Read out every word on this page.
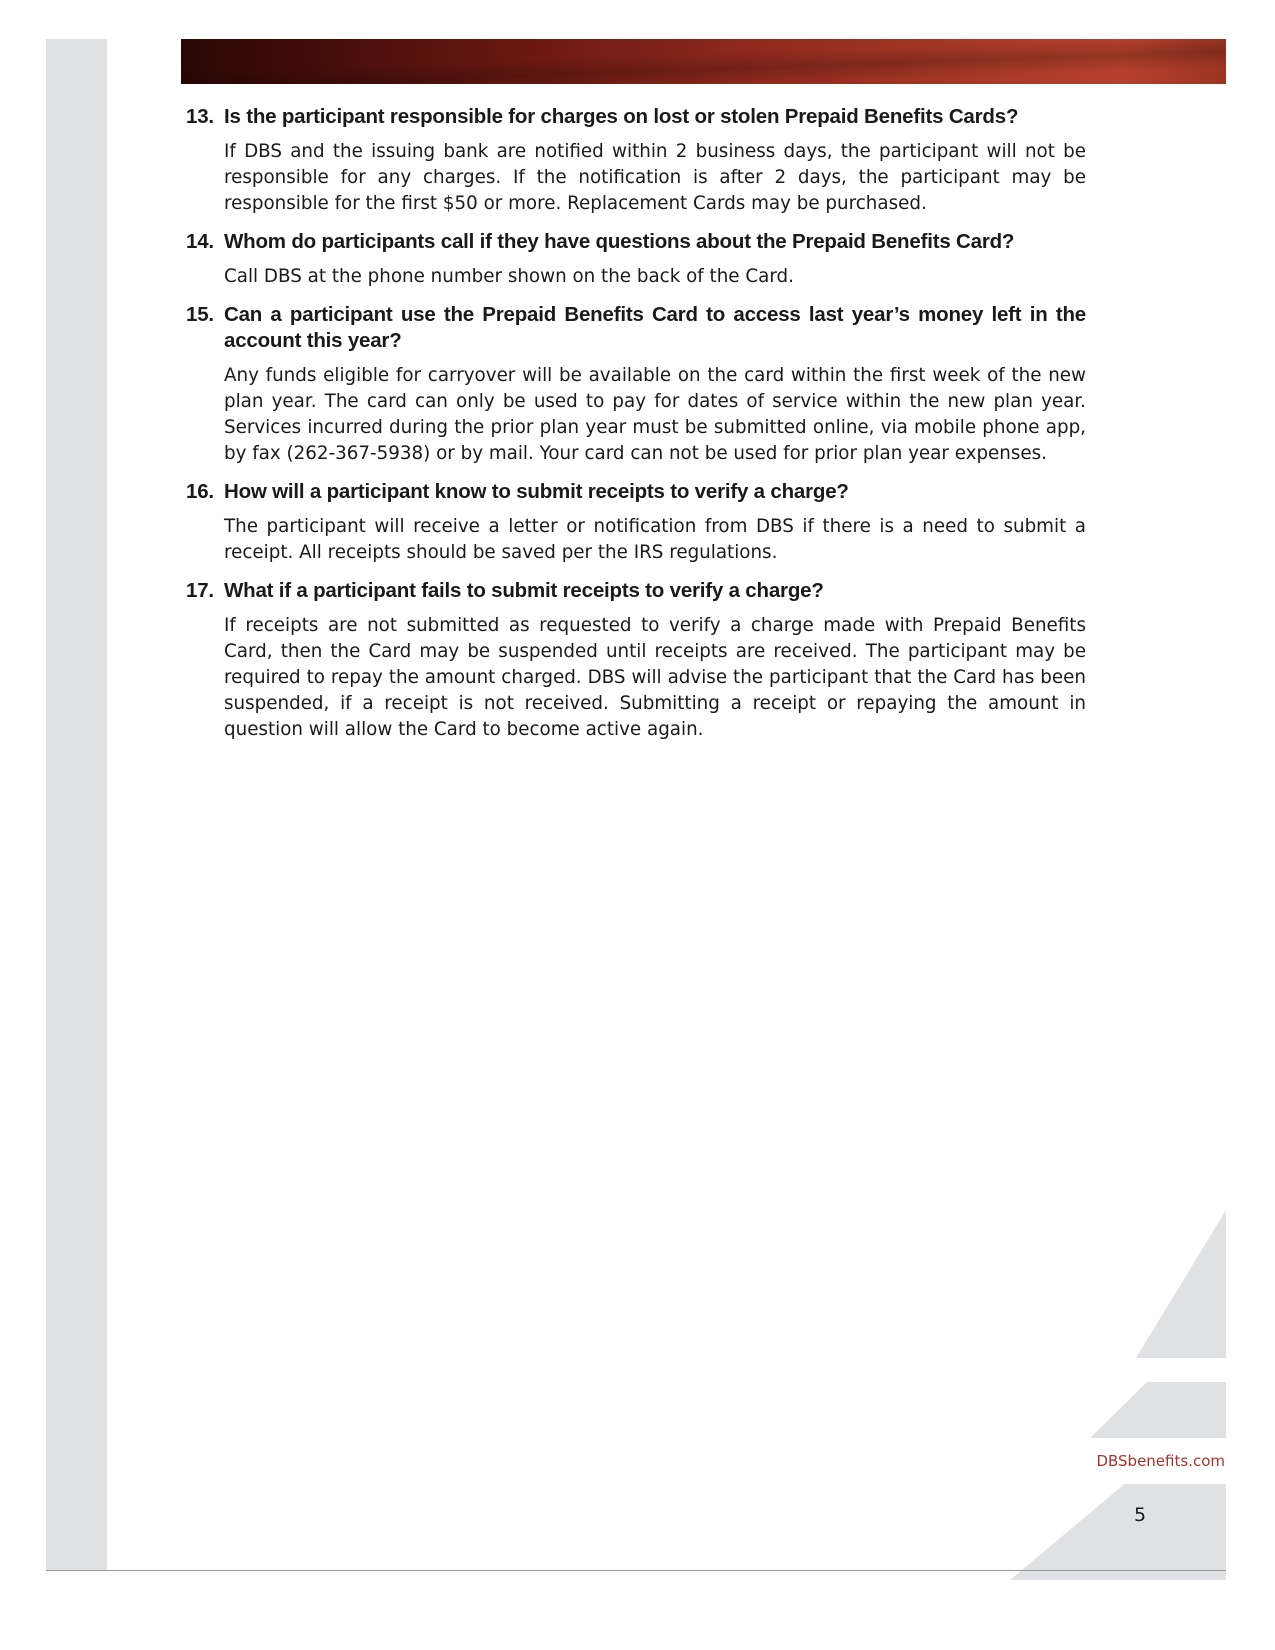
13. Is the participant responsible for charges on lost or stolen Prepaid Benefits Cards?
If DBS and the issuing bank are notified within 2 business days, the participant will not be responsible for any charges. If the notification is after 2 days, the participant may be responsible for the first $50 or more. Replacement Cards may be purchased.
14. Whom do participants call if they have questions about the Prepaid Benefits Card?
Call DBS at the phone number shown on the back of the Card.
15. Can a participant use the Prepaid Benefits Card to access last year’s money left in the account this year?
Any funds eligible for carryover will be available on the card within the first week of the new plan year. The card can only be used to pay for dates of service within the new plan year. Services incurred during the prior plan year must be submitted online, via mobile phone app, by fax (262-367-5938) or by mail. Your card can not be used for prior plan year expenses.
16. How will a participant know to submit receipts to verify a charge?
The participant will receive a letter or notification from DBS if there is a need to submit a receipt. All receipts should be saved per the IRS regulations.
17. What if a participant fails to submit receipts to verify a charge?
If receipts are not submitted as requested to verify a charge made with Prepaid Benefits Card, then the Card may be suspended until receipts are received. The participant may be required to repay the amount charged. DBS will advise the participant that the Card has been suspended, if a receipt is not received. Submitting a receipt or repaying the amount in question will allow the Card to become active again.
DBSbenefits.com
5
